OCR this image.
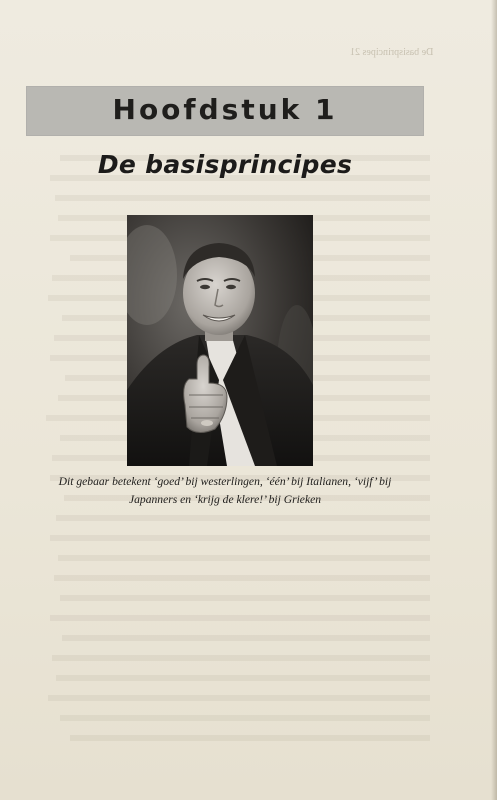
De basisprincipes 21
Hoofdstuk 1
De basisprincipes
Dit gebaar betekent ‘goed’ bij westerlingen, ‘één’ bij Italianen, ‘vijf’ bij
Japanners en ‘krijg de klere!’ bij Grieken
